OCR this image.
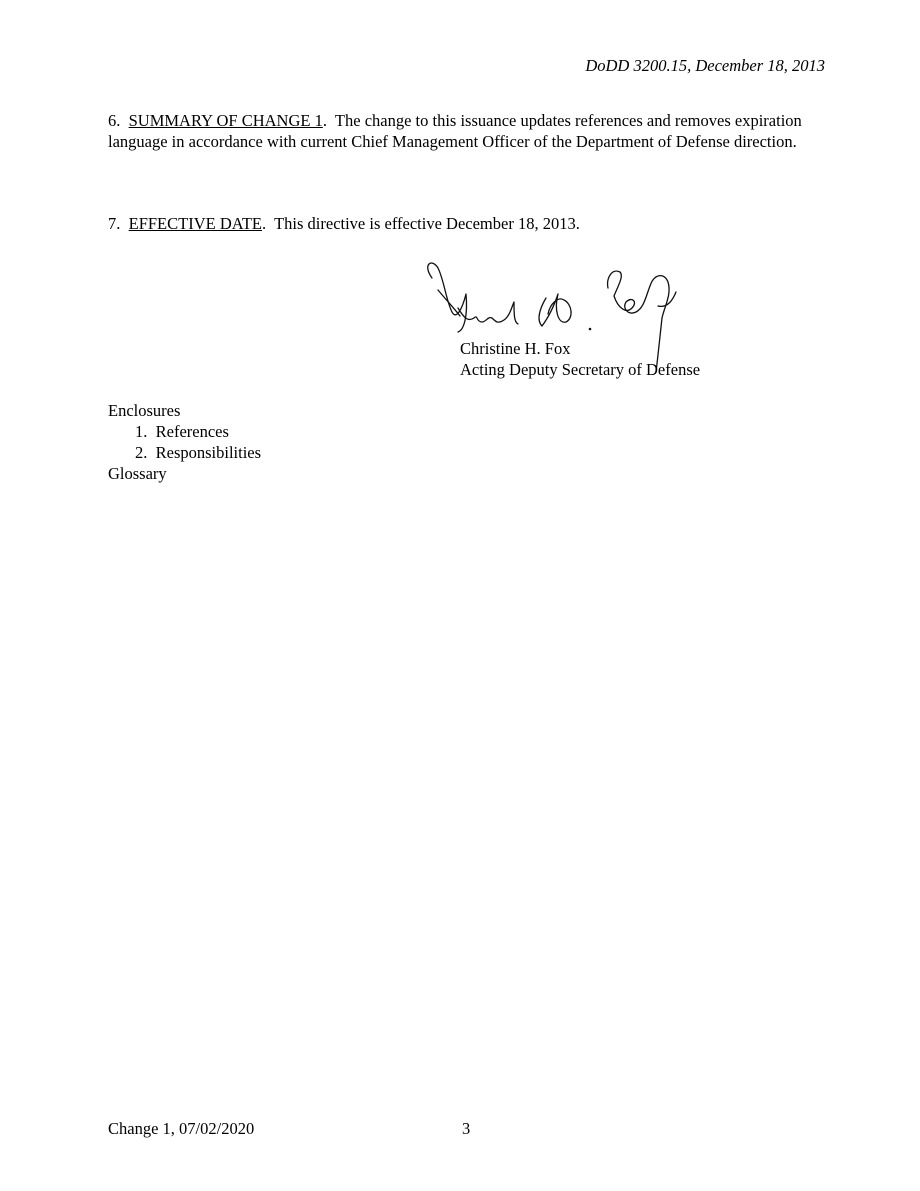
DoDD 3200.15, December 18, 2013
6. SUMMARY OF CHANGE 1.  The change to this issuance updates references and removes expiration language in accordance with current Chief Management Officer of the Department of Defense direction.
7. EFFECTIVE DATE.  This directive is effective December 18, 2013.
Christine H. Fox
Acting Deputy Secretary of Defense
Enclosures
1.  References
2.  Responsibilities
Glossary
Change 1, 07/02/2020	3
